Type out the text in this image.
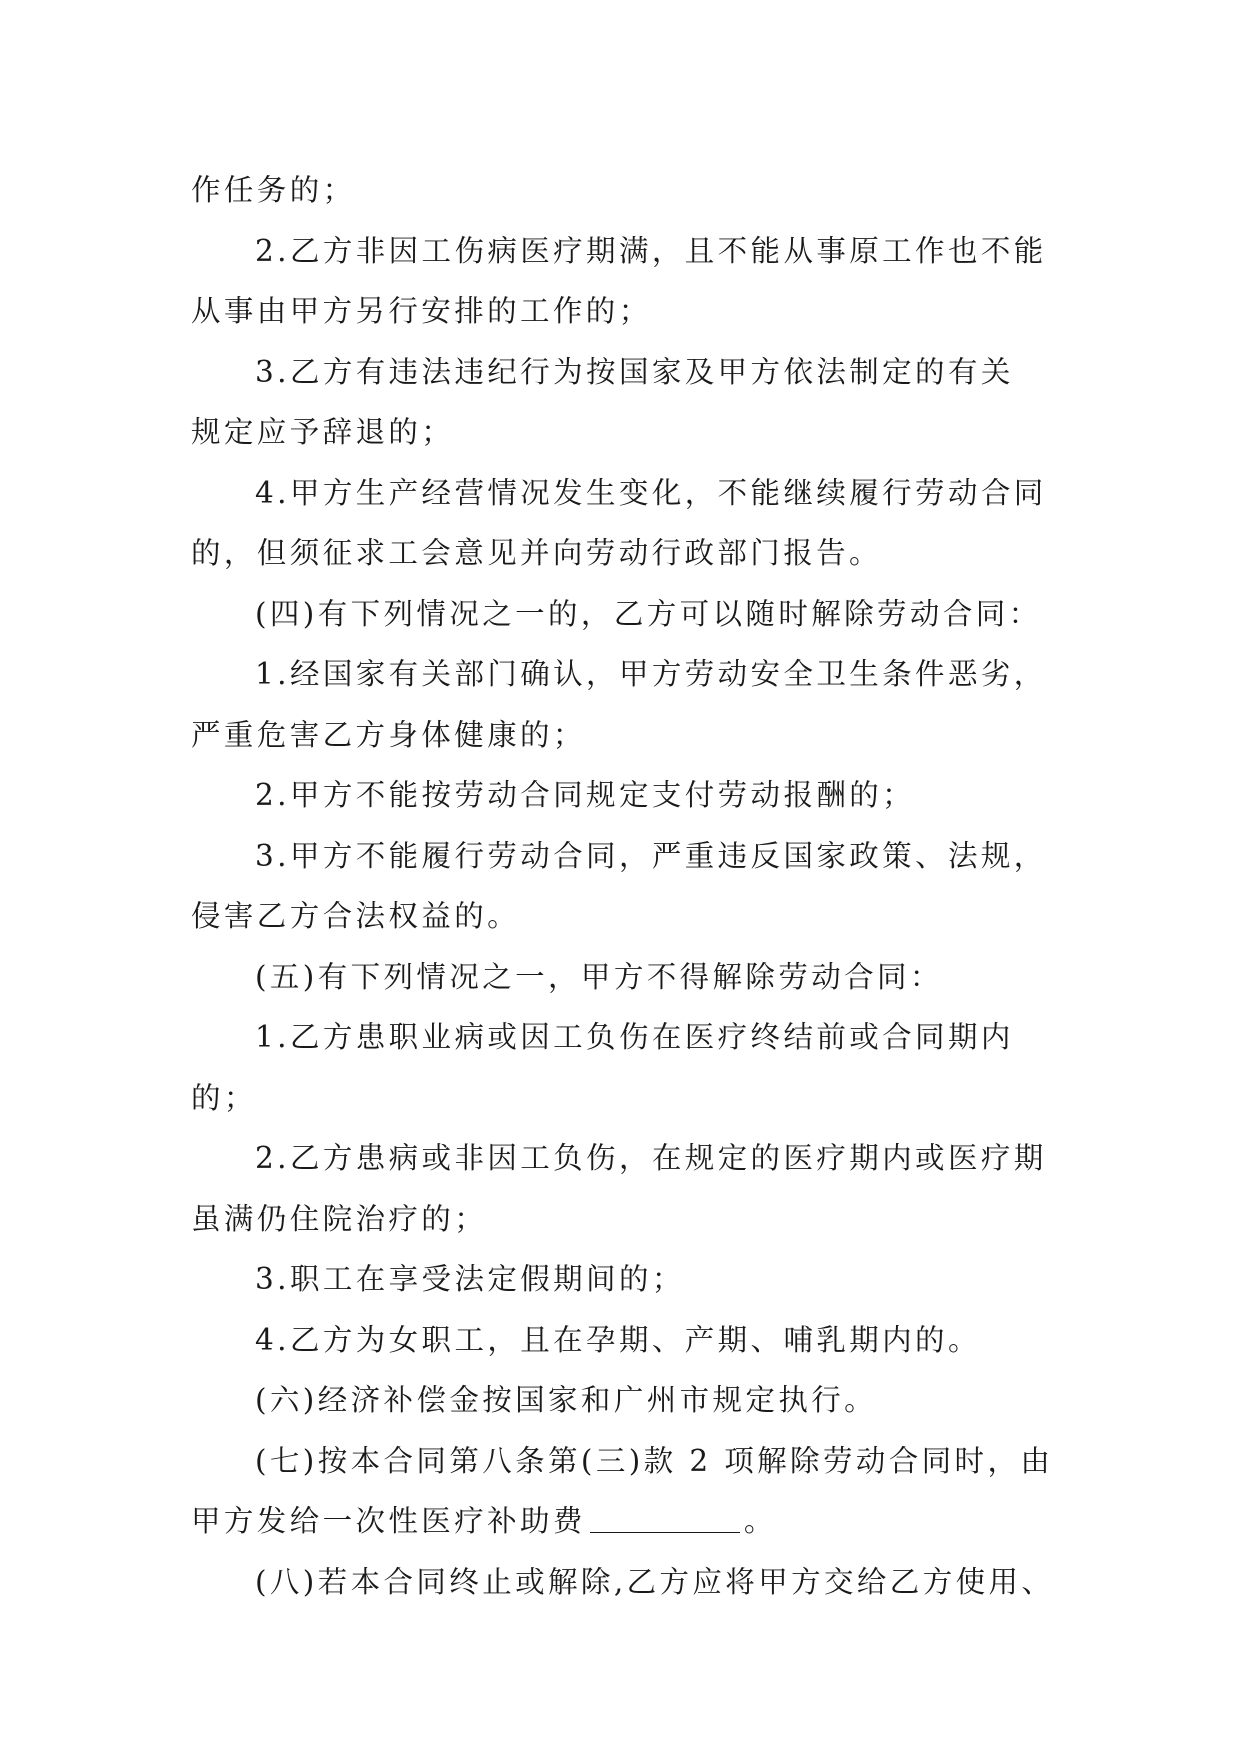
作任务的；
2.乙方非因工伤病医疗期满，且不能从事原工作也不能
从事由甲方另行安排的工作的；
3.乙方有违法违纪行为按国家及甲方依法制定的有关
规定应予辞退的；
4.甲方生产经营情况发生变化，不能继续履行劳动合同
的，但须征求工会意见并向劳动行政部门报告。
(四)有下列情况之一的，乙方可以随时解除劳动合同：
1.经国家有关部门确认，甲方劳动安全卫生条件恶劣，
严重危害乙方身体健康的；
2.甲方不能按劳动合同规定支付劳动报酬的；
3.甲方不能履行劳动合同，严重违反国家政策、法规，
侵害乙方合法权益的。
(五)有下列情况之一，甲方不得解除劳动合同：
1.乙方患职业病或因工负伤在医疗终结前或合同期内
的；
2.乙方患病或非因工负伤，在规定的医疗期内或医疗期
虽满仍住院治疗的；
3.职工在享受法定假期间的；
4.乙方为女职工，且在孕期、产期、哺乳期内的。
(六)经济补偿金按国家和广州市规定执行。
(七)按本合同第八条第(三)款 2 项解除劳动合同时，由
甲方发给一次性医疗补助费	。
(八)若本合同终止或解除,乙方应将甲方交给乙方使用、
